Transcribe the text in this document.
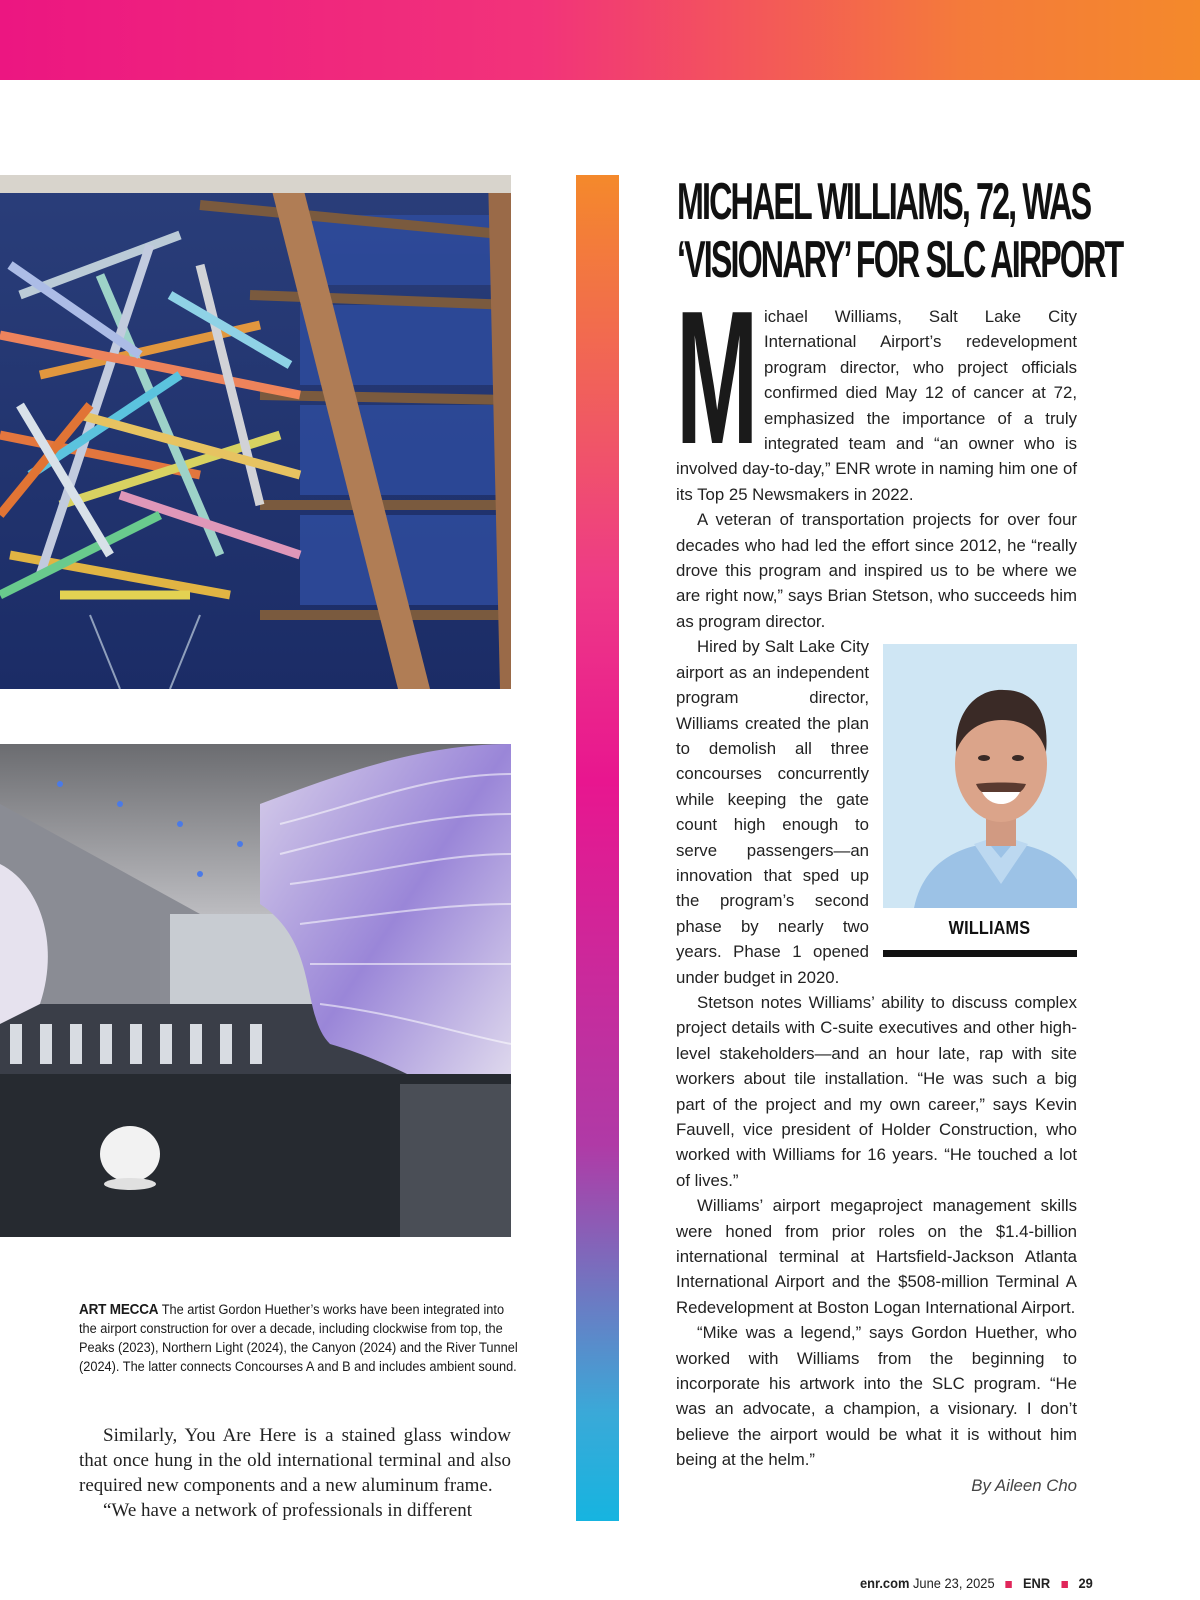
ART MECCA The artist Gordon Huether’s works have been integrated into the airport construction for over a decade, including clockwise from top, the Peaks (2023), Northern Light (2024), the Canyon (2024) and the River Tunnel (2024). The latter connects Concourses A and B and includes ambient sound.

Similarly, You Are Here is a stained glass window that once hung in the old international terminal and also required new components and a new aluminum frame.

“We have a network of professionals in different

MICHAEL WILLIAMS, 72, WAS
‘VISIONARY’ FOR SLC AIRPORT

Michael Williams, Salt Lake City International Airport’s redevelopment program director, who project officials confirmed died May 12 of cancer at 72, emphasized the importance of a truly integrated team and “an owner who is involved day-to-day,” ENR wrote in naming him one of its Top 25 Newsmakers in 2022.

A veteran of transportation projects for over four decades who had led the effort since 2012, he “really drove this program and inspired us to be where we are right now,” says Brian Stetson, who succeeds him as program director.

WILLIAMS
Hired by Salt Lake City airport as an independent program director, Williams created the plan to demolish all three concourses concurrently while keeping the gate count high enough to serve passengers—an innovation that sped up the program’s second phase by nearly two years. Phase 1 opened under budget in 2020.

Stetson notes Williams’ ability to discuss complex project details with C-suite executives and other high-level stakeholders—and an hour late, rap with site workers about tile installation. “He was such a big part of the project and my own career,” says Kevin Fauvell, vice president of Holder Construction, who worked with Williams for 16 years. “He touched a lot of lives.”

Williams’ airport megaproject management skills were honed from prior roles on the $1.4-billion international terminal at Hartsfield-Jackson Atlanta International Airport and the $508-million Terminal A Redevelopment at Boston Logan International Airport.

“Mike was a legend,” says Gordon Huether, who worked with Williams from the beginning to incorporate his artwork into the SLC program. “He was an advocate, a champion, a visionary. I don’t believe the airport would be what it is without him being at the helm.”

By Aileen Cho

enr.com June 23, 2025 ENR 29
